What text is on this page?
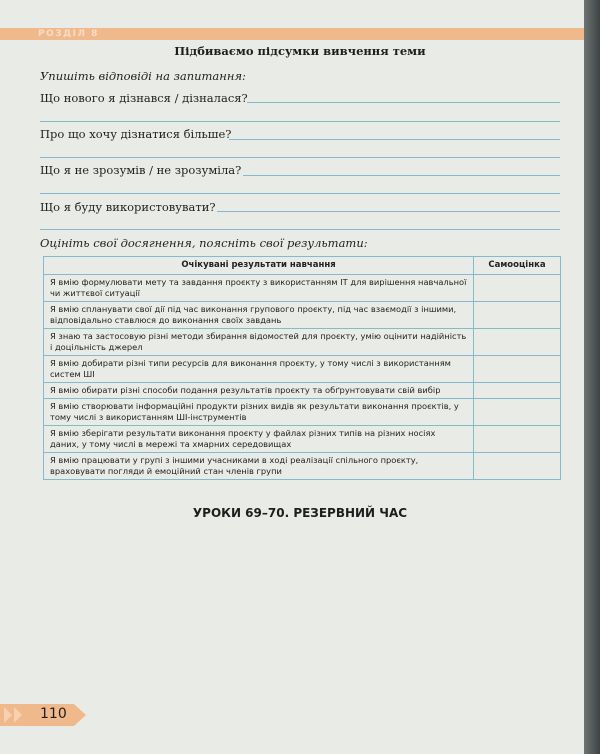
РОЗДІЛ 8
Підбиваємо підсумки вивчення теми
Упишіть відповіді на запитання:
Що нового я дізнався / дізналася?
Про що хочу дізнатися більше?
Що я не зрозумів / не зрозуміла?
Що я буду використовувати?
Оцініть свої досягнення, поясніть свої результати:
Очікувані результати навчання	Самооцінка
Я вмію формулювати мету та завдання проєкту з використанням ІТ для вирішення навчальної чи життєвої ситуації	
Я вмію спланувати свої дії під час виконання групового проєкту, під час взаємодії з іншими, відповідально ставлюся до виконання своїх завдань	
Я знаю та застосовую різні методи збирання відомостей для проєкту, умію оцінити надійність і доцільність джерел	
Я вмію добирати різні типи ресурсів для виконання проєкту, у тому числі з використанням систем ШІ	
Я вмію обирати різні способи подання результатів проєкту та обґрунтовувати свій вибір	
Я вмію створювати інформаційні продукти різних видів як результати виконання проєктів, у тому числі з використанням ШІ-інструментів	
Я вмію зберігати результати виконання проєкту у файлах різних типів на різних носіях даних, у тому числі в мережі та хмарних середовищах	
Я вмію працювати у групі з іншими учасниками в ході реалізації спільного проєкту, враховувати погляди й емоційний стан членів групи	
УРОКИ 69–70. РЕЗЕРВНИЙ ЧАС
110
